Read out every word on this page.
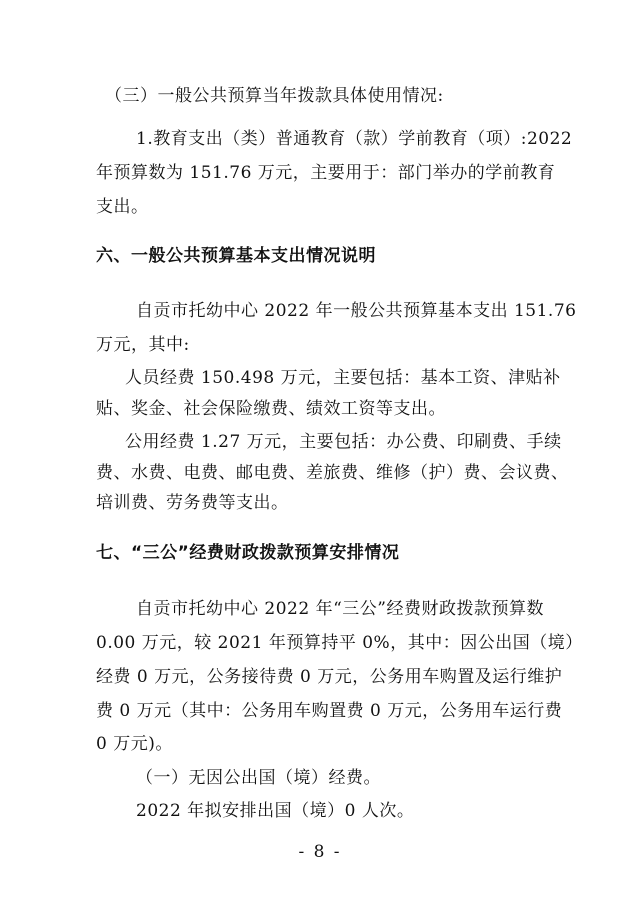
（三）一般公共预算当年拨款具体使用情况:
1.教育支出（类）普通教育（款）学前教育（项）:2022
年预算数为 151.76 万元，主要用于：部门举办的学前教育
支出。
六、一般公共预算基本支出情况说明
自贡市托幼中心 2022 年一般公共预算基本支出 151.76
万元，其中:
人员经费 150.498 万元，主要包括：基本工资、津贴补
贴、奖金、社会保险缴费、绩效工资等支出。
公用经费 1.27 万元，主要包括：办公费、印刷费、手续
费、水费、电费、邮电费、差旅费、维修（护）费、会议费、
培训费、劳务费等支出。
七、“三公”经费财政拨款预算安排情况
自贡市托幼中心 2022 年“三公”经费财政拨款预算数
0.00 万元，较 2021 年预算持平 0%，其中：因公出国（境）
经费 0 万元，公务接待费 0 万元，公务用车购置及运行维护
费 0 万元（其中：公务用车购置费 0 万元，公务用车运行费
0 万元)。
（一）无因公出国（境）经费。
2022 年拟安排出国（境）0 人次。
- 8 -
